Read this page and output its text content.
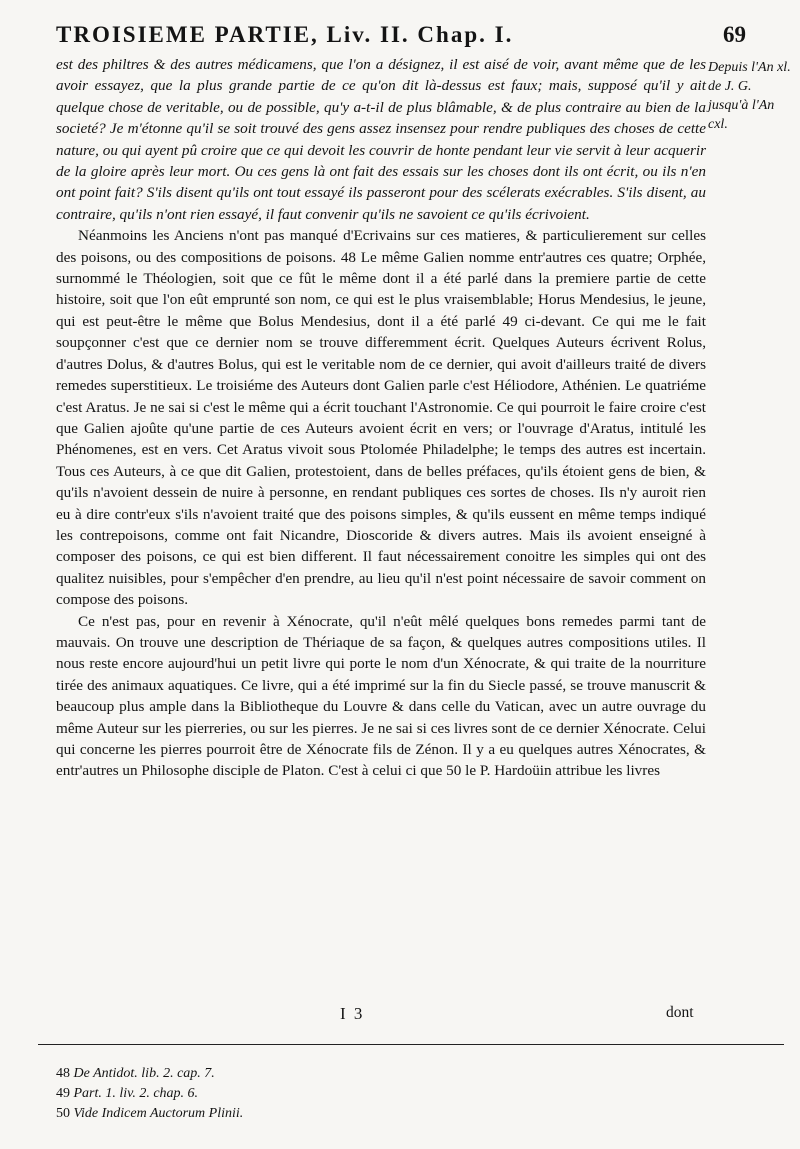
TROISIEME PARTIE, Liv. II. Chap. I.	69

est des philtres & des autres médicamens, que l'on a désignez, il est aisé de voir, avant même que de les avoir essayez, que la plus grande partie de ce qu'on dit là-dessus est faux; mais, supposé qu'il y ait quelque chose de veritable, ou de possible, qu'y a-t-il de plus blâmable, & de plus contraire au bien de la societé? Je m'étonne qu'il se soit trouvé des gens assez insensez pour rendre publiques des choses de cette nature, ou qui ayent pû croire que ce qui devoit les couvrir de honte pendant leur vie servit à leur acquerir de la gloire après leur mort. Ou ces gens là ont fait des essais sur les choses dont ils ont écrit, ou ils n'en ont point fait? S'ils disent qu'ils ont tout essayé ils passeront pour des scélerats exécrables. S'ils disent, au contraire, qu'ils n'ont rien essayé, il faut convenir qu'ils ne savoient ce qu'ils écrivoient.

Néanmoins les Anciens n'ont pas manqué d'Ecrivains sur ces matieres, & particulierement sur celles des poisons, ou des compositions de poisons. 48 Le même Galien nomme entr'autres ces quatre; Orphée, surnommé le Théologien, soit que ce fût le même dont il a été parlé dans la premiere partie de cette histoire, soit que l'on eût emprunté son nom, ce qui est le plus vraisemblable; Horus Mendesius, le jeune, qui est peut-être le même que Bolus Mendesius, dont il a été parlé 49 ci-devant. Ce qui me le fait soupçonner c'est que ce dernier nom se trouve differemment écrit. Quelques Auteurs écrivent Rolus, d'autres Dolus, & d'autres Bolus, qui est le veritable nom de ce dernier, qui avoit d'ailleurs traité de divers remedes superstitieux. Le troisiéme des Auteurs dont Galien parle c'est Héliodore, Athénien. Le quatriéme c'est Aratus. Je ne sai si c'est le même qui a écrit touchant l'Astronomie. Ce qui pourroit le faire croire c'est que Galien ajoûte qu'une partie de ces Auteurs avoient écrit en vers; or l'ouvrage d'Aratus, intitulé les Phénomenes, est en vers. Cet Aratus vivoit sous Ptolomée Philadelphe; le temps des autres est incertain. Tous ces Auteurs, à ce que dit Galien, protestoient, dans de belles préfaces, qu'ils étoient gens de bien, & qu'ils n'avoient dessein de nuire à personne, en rendant publiques ces sortes de choses. Ils n'y auroit rien eu à dire contr'eux s'ils n'avoient traité que des poisons simples, & qu'ils eussent en même temps indiqué les contrepoisons, comme ont fait Nicandre, Dioscoride & divers autres. Mais ils avoient enseigné à composer des poisons, ce qui est bien different. Il faut nécessairement conoitre les simples qui ont des qualitez nuisibles, pour s'empêcher d'en prendre, au lieu qu'il n'est point nécessaire de savoir comment on compose des poisons.

Ce n'est pas, pour en revenir à Xénocrate, qu'il n'eût mêlé quelques bons remedes parmi tant de mauvais. On trouve une description de Thériaque de sa façon, & quelques autres compositions utiles. Il nous reste encore aujourd'hui un petit livre qui porte le nom d'un Xénocrate, & qui traite de la nourriture tirée des animaux aquatiques. Ce livre, qui a été imprimé sur la fin du Siecle passé, se trouve manuscrit & beaucoup plus ample dans la Bibliotheque du Louvre & dans celle du Vatican, avec un autre ouvrage du même Auteur sur les pierreries, ou sur les pierres. Je ne sai si ces livres sont de ce dernier Xénocrate. Celui qui concerne les pierres pourroit être de Xénocrate fils de Zénon. Il y a eu quelques autres Xénocrates, & entr'autres un Philosophe disciple de Platon. C'est à celui ci que 50 le P. Hardoüin attribue les livres

Depuis l'An xl. de J. G. jusqu'à l'An cxl.
I 3	dont
48 De Antidot. lib. 2. cap. 7.
49 Part. 1. liv. 2. chap. 6.
50 Vide Indicem Auctorum Plinii.
